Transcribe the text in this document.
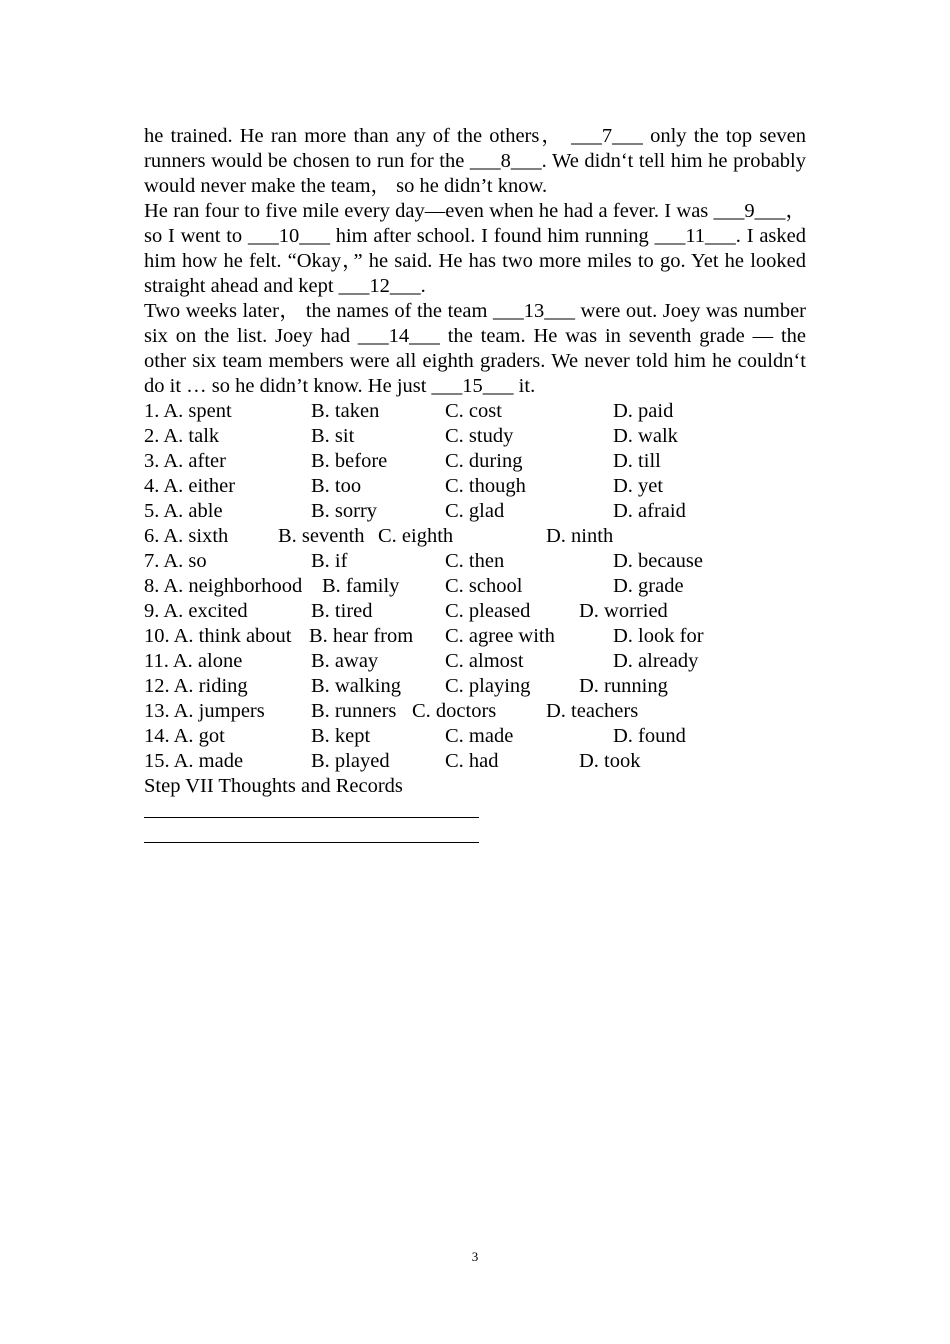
he trained. He ran more than any of the others， ___7___ only the top seven runners would be chosen to run for the ___8___. We didn‘t tell him he probably would never make the team， so he didn’t know.

He ran four to five mile every day—even when he had a fever. I was ___9___， so I went to ___10___ him after school. I found him running ___11___. I asked him how he felt. “Okay，” he said. He has two more miles to go. Yet he looked straight ahead and kept ___12___.

Two weeks later， the names of the team ___13___ were out. Joey was number six on the list. Joey had ___14___ the team. He was in seventh grade — the other six team members were all eighth graders. We never told him he couldn‘t do it … so he didn’t know. He just ___15___ it.

1. A. spent	B. taken	C. cost	D. paid
2. A. talk	B. sit	C. study	D. walk
3. A. after	B. before	C. during	D. till
4. A. either	B. too	C. though	D. yet
5. A. able	B. sorry	C. glad	D. afraid
6. A. sixth B. seventh C. eighth	D. ninth
7. A. so	B. if	C. then	D. because
8. A. neighborhood B. family C. school	D. grade
9. A. excited	B. tired	C. pleased D. worried
10. A. think about B. hear from C. agree with	D. look for
11. A. alone	B. away	C. almost	D. already
12. A. riding	B. walking C. playing D. running
13. A. jumpers B. runners C. doctors D. teachers
14. A. got	B. kept	C. made	D. found
15. A. made	B. played	C. had	D. took
Step VII Thoughts and Records
3
